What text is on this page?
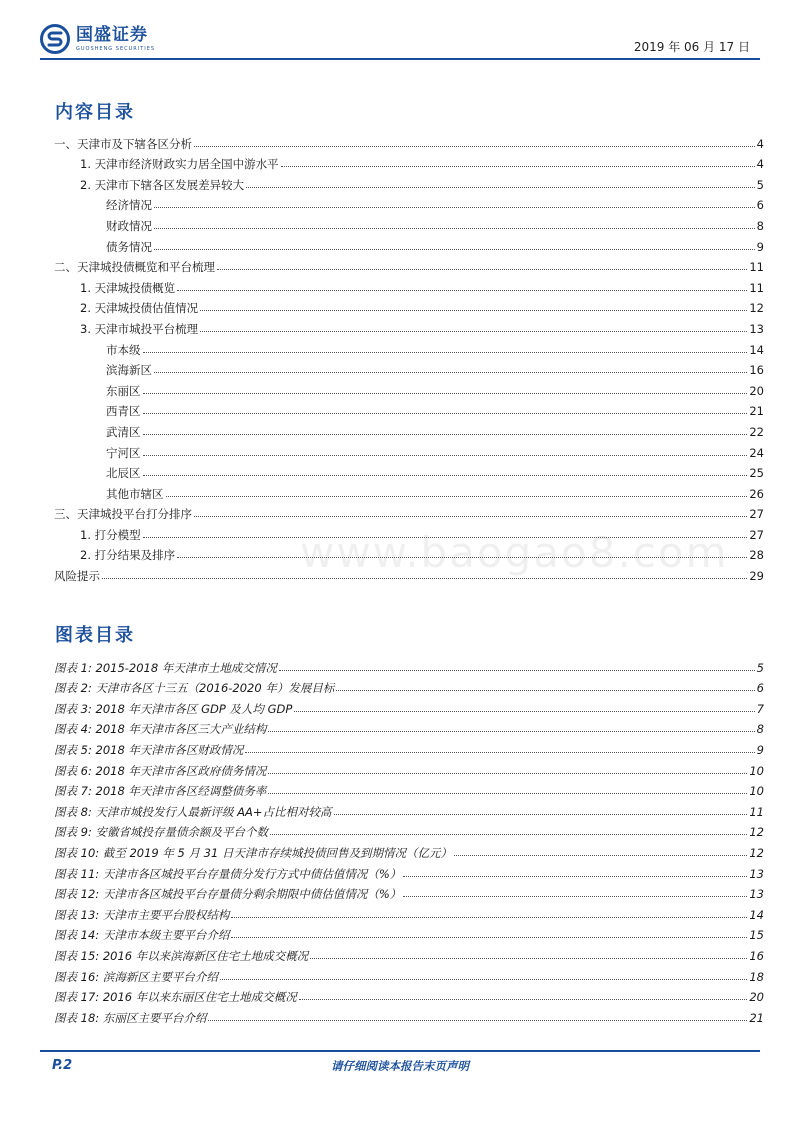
国盛证券
GUOSHENG SECURITIES	2019 年 06 月 17 日
www.baogao8.com
内容目录
一、天津市及下辖各区分析	4
1. 天津市经济财政实力居全国中游水平	4
2. 天津市下辖各区发展差异较大	5
经济情况	6
财政情况	8
债务情况	9
二、天津城投债概览和平台梳理	11
1. 天津城投债概览	11
2. 天津城投债估值情况	12
3. 天津市城投平台梳理	13
市本级	14
滨海新区	16
东丽区	20
西青区	21
武清区	22
宁河区	24
北辰区	25
其他市辖区	26
三、天津城投平台打分排序	27
1. 打分模型	27
2. 打分结果及排序	28
风险提示	29
图表目录
图表 1: 2015-2018 年天津市土地成交情况	5
图表 2: 天津市各区十三五（2016-2020 年）发展目标	6
图表 3: 2018 年天津市各区 GDP 及人均 GDP	7
图表 4: 2018 年天津市各区三大产业结构	8
图表 5: 2018 年天津市各区财政情况	9
图表 6: 2018 年天津市各区政府债务情况	10
图表 7: 2018 年天津市各区经调整债务率	10
图表 8: 天津市城投发行人最新评级 AA+占比相对较高	11
图表 9: 安徽省城投存量债余额及平台个数	12
图表 10: 截至 2019 年 5 月 31 日天津市存续城投债回售及到期情况（亿元）	12
图表 11: 天津市各区城投平台存量债分发行方式中债估值情况（%）	13
图表 12: 天津市各区城投平台存量债分剩余期限中债估值情况（%）	13
图表 13: 天津市主要平台股权结构	14
图表 14: 天津市本级主要平台介绍	15
图表 15: 2016 年以来滨海新区住宅土地成交概况	16
图表 16: 滨海新区主要平台介绍	18
图表 17: 2016 年以来东丽区住宅土地成交概况	20
图表 18: 东丽区主要平台介绍	21
P.2	请仔细阅读本报告末页声明
